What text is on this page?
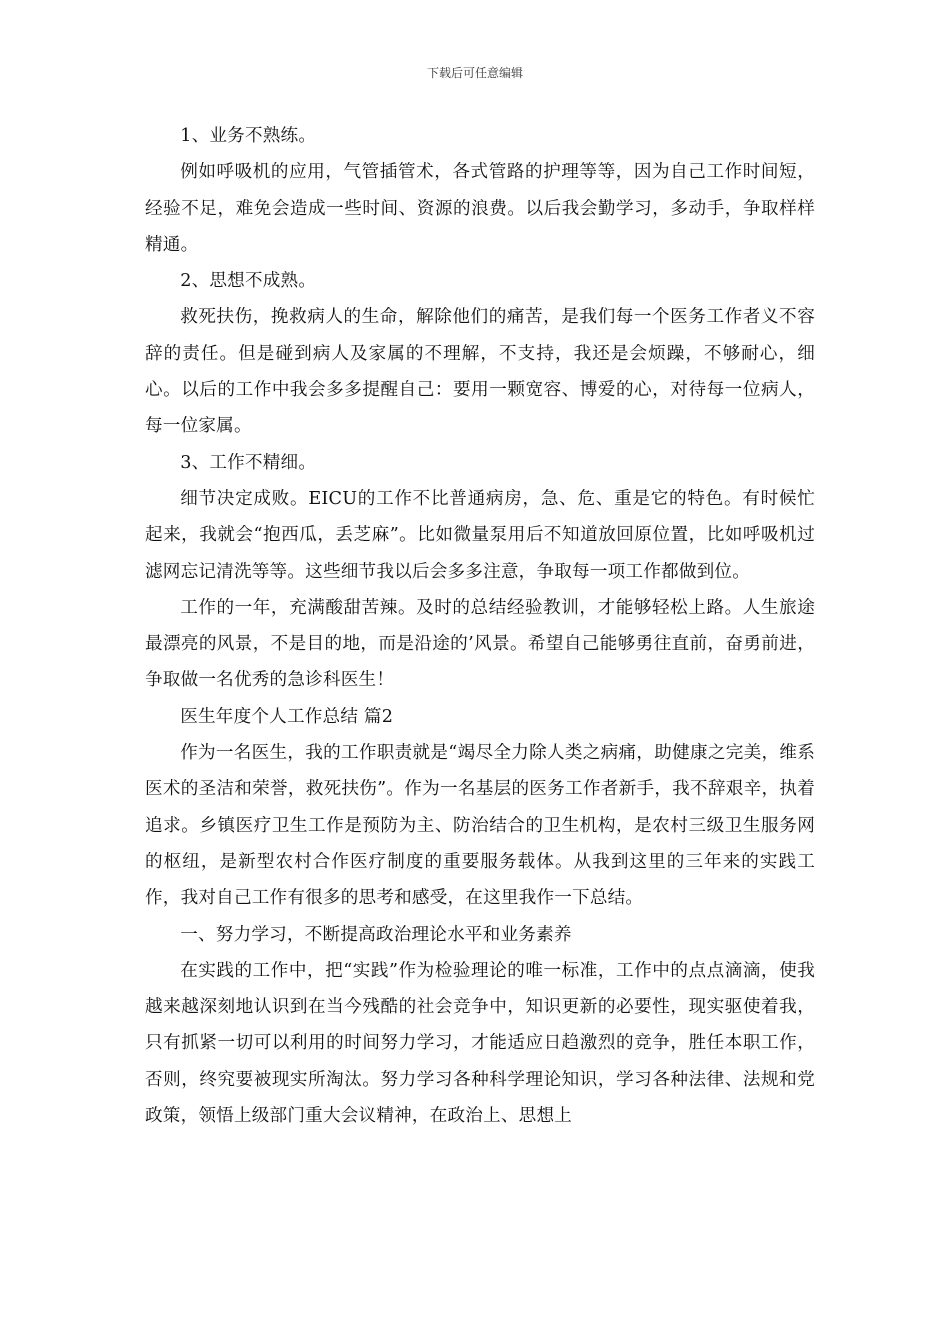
下载后可任意编辑

1、业务不熟练。

例如呼吸机的应用，气管插管术，各式管路的护理等等，因为自己工作时间短，经验不足，难免会造成一些时间、资源的浪费。以后我会勤学习，多动手，争取样样精通。

2、思想不成熟。

救死扶伤，挽救病人的生命，解除他们的痛苦，是我们每一个医务工作者义不容辞的责任。但是碰到病人及家属的不理解，不支持，我还是会烦躁，不够耐心，细心。以后的工作中我会多多提醒自己：要用一颗宽容、博爱的心，对待每一位病人，每一位家属。

3、工作不精细。

细节决定成败。EICU的工作不比普通病房，急、危、重是它的特色。有时候忙起来，我就会“抱西瓜，丢芝麻”。比如微量泵用后不知道放回原位置，比如呼吸机过滤网忘记清洗等等。这些细节我以后会多多注意，争取每一项工作都做到位。

工作的一年，充满酸甜苦辣。及时的总结经验教训，才能够轻松上路。人生旅途最漂亮的风景，不是目的地，而是沿途的’风景。希望自己能够勇往直前，奋勇前进，争取做一名优秀的急诊科医生！

医生年度个人工作总结 篇2

作为一名医生，我的工作职责就是“竭尽全力除人类之病痛，助健康之完美，维系医术的圣洁和荣誉，救死扶伤”。作为一名基层的医务工作者新手，我不辞艰辛，执着追求。乡镇医疗卫生工作是预防为主、防治结合的卫生机构，是农村三级卫生服务网的枢纽，是新型农村合作医疗制度的重要服务载体。从我到这里的三年来的实践工作，我对自己工作有很多的思考和感受，在这里我作一下总结。

一、努力学习，不断提高政治理论水平和业务素养

在实践的工作中，把“实践”作为检验理论的唯一标准，工作中的点点滴滴，使我越来越深刻地认识到在当今残酷的社会竞争中，知识更新的必要性，现实驱使着我，只有抓紧一切可以利用的时间努力学习，才能适应日趋激烈的竞争，胜任本职工作，否则，终究要被现实所淘汰。努力学习各种科学理论知识，学习各种法律、法规和党政策，领悟上级部门重大会议精神，在政治上、思想上
